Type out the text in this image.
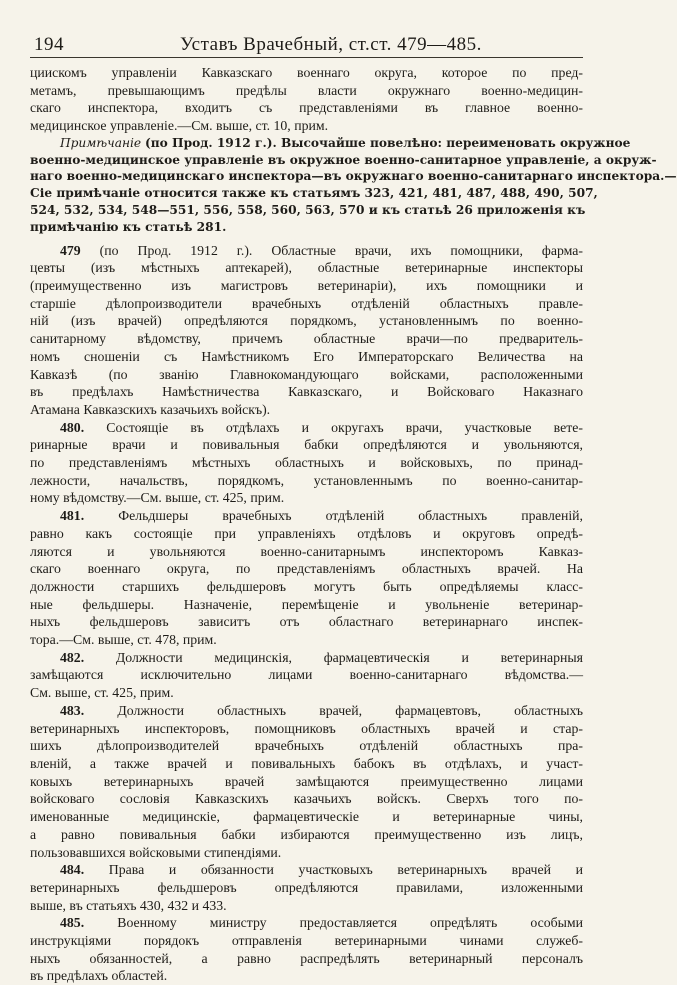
194	Уставъ Врачебный, ст.ст. 479—485.
циискомъ управленіи Кавказскаго военнаго округа, которое по пред-
метамъ, превышающимъ предѣлы власти окружнаго военно-медицин-
скаго инспектора, входитъ съ представленіями въ главное военно-
медицинское управленіе.—См. выше, ст. 10, прим.
Примѣчаніе (по Прод. 1912 г.). Высочайше повелѣно: переименовать окружное
военно-медицинское управленіе въ окружное военно-санитарное управленіе, а окруж-
наго военно-медицинскаго инспектора—въ окружнаго военно-санитарнаго инспектора.—
Сіе примѣчаніе относится также къ статьямъ 323, 421, 481, 487, 488, 490, 507,
524, 532, 534, 548—551, 556, 558, 560, 563, 570 и къ статьѣ 26 приложенія къ
примѣчанію къ статьѣ 281.
479 (по Прод. 1912 г.). Областные врачи, ихъ помощники, фарма-
цевты (изъ мѣстныхъ аптекарей), областные ветеринарные инспекторы
(преимущественно изъ магистровъ ветеринаріи), ихъ помощники и
старшіе дѣлопроизводители врачебныхъ отдѣленій областныхъ правле-
ній (изъ врачей) опредѣляются порядкомъ, установленнымъ по военно-
санитарному вѣдомству, причемъ областные врачи—по предваритель-
номъ сношеніи съ Намѣстникомъ Его Императорскаго Величества на
Кавказѣ (по званію Главнокомандующаго войсками, расположенными
въ предѣлахъ Намѣстничества Кавказскаго, и Войсковаго Наказнаго
Атамана Кавказскихъ казачьихъ войскъ).
480. Состоящіе въ отдѣлахъ и округахъ врачи, участковые вете-
ринарные врачи и повивальныя бабки опредѣляются и увольняются,
по представленіямъ мѣстныхъ областныхъ и войсковыхъ, по принад-
лежности, начальствъ, порядкомъ, установленнымъ по военно-санитар-
ному вѣдомству.—См. выше, ст. 425, прим.
481. Фельдшеры врачебныхъ отдѣленій областныхъ правленій,
равно какъ состоящіе при управленіяхъ отдѣловъ и округовъ опредѣ-
ляются и увольняются военно-санитарнымъ инспекторомъ Кавказ-
скаго военнаго округа, по представленіямъ областныхъ врачей. На
должности старшихъ фельдшеровъ могутъ быть опредѣляемы класс-
ные фельдшеры. Назначеніе, перемѣщеніе и увольненіе ветеринар-
ныхъ фельдшеровъ зависитъ отъ областнаго ветеринарнаго инспек-
тора.—См. выше, ст. 478, прим.
482. Должности медицинскія, фармацевтическія и ветеринарныя
замѣщаются исключительно лицами военно-санитарнаго вѣдомства.—
См. выше, ст. 425, прим.
483. Должности областныхъ врачей, фармацевтовъ, областныхъ
ветеринарныхъ инспекторовъ, помощниковъ областныхъ врачей и стар-
шихъ дѣлопроизводителей врачебныхъ отдѣленій областныхъ пра-
вленій, а также врачей и повивальныхъ бабокъ въ отдѣлахъ, и участ-
ковыхъ ветеринарныхъ врачей замѣщаются преимущественно лицами
войсковаго сословія Кавказскихъ казачьихъ войскъ. Сверхъ того по-
именованные медицинскіе, фармацевтическіе и ветеринарные чины,
а равно повивальныя бабки избираются преимущественно изъ лицъ,
пользовавшихся войсковыми стипендіями.
484. Права и обязанности участковыхъ ветеринарныхъ врачей и
ветеринарныхъ фельдшеровъ опредѣляются правилами, изложенными
выше, въ статьяхъ 430, 432 и 433.
485. Военному министру предоставляется опредѣлять особыми
инструкціями порядокъ отправленія ветеринарными чинами служеб-
ныхъ обязанностей, а равно распредѣлять ветеринарный персоналъ
въ предѣлахъ областей.
